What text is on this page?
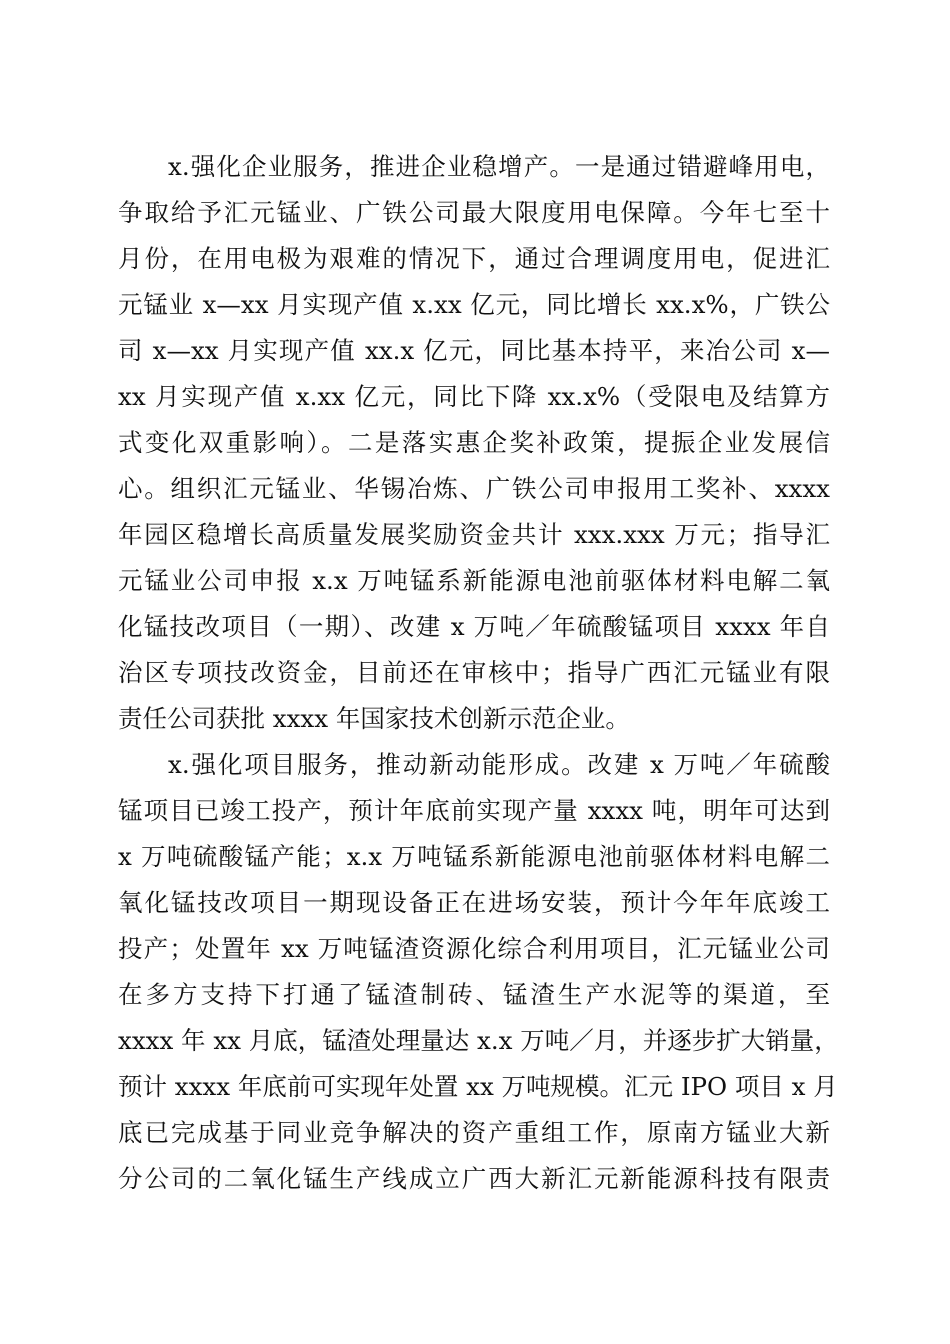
x.强化企业服务，推进企业稳增产。一是通过错避峰用电，
争取给予汇元锰业、广铁公司最大限度用电保障。今年七至十
月份，在用电极为艰难的情况下，通过合理调度用电，促进汇
元锰业 x—xx 月实现产值 x.xx 亿元，同比增长 xx.x%，广铁公
司 x—xx 月实现产值 xx.x 亿元，同比基本持平，来冶公司 x—
xx 月实现产值 x.xx 亿元，同比下降 xx.x%（受限电及结算方
式变化双重影响）。二是落实惠企奖补政策，提振企业发展信
心。组织汇元锰业、华锡冶炼、广铁公司申报用工奖补、xxxx
年园区稳增长高质量发展奖励资金共计 xxx.xxx 万元；指导汇
元锰业公司申报 x.x 万吨锰系新能源电池前驱体材料电解二氧
化锰技改项目（一期）、改建 x 万吨／年硫酸锰项目 xxxx 年自
治区专项技改资金，目前还在审核中；指导广西汇元锰业有限
责任公司获批 xxxx 年国家技术创新示范企业。
x.强化项目服务，推动新动能形成。改建 x 万吨／年硫酸
锰项目已竣工投产，预计年底前实现产量 xxxx 吨，明年可达到
x 万吨硫酸锰产能；x.x 万吨锰系新能源电池前驱体材料电解二
氧化锰技改项目一期现设备正在进场安装，预计今年年底竣工
投产；处置年 xx 万吨锰渣资源化综合利用项目，汇元锰业公司
在多方支持下打通了锰渣制砖、锰渣生产水泥等的渠道，至
xxxx 年 xx 月底，锰渣处理量达 x.x 万吨／月，并逐步扩大销量，
预计 xxxx 年底前可实现年处置 xx 万吨规模。汇元 IPO 项目 x 月
底已完成基于同业竞争解决的资产重组工作，原南方锰业大新
分公司的二氧化锰生产线成立广西大新汇元新能源科技有限责
